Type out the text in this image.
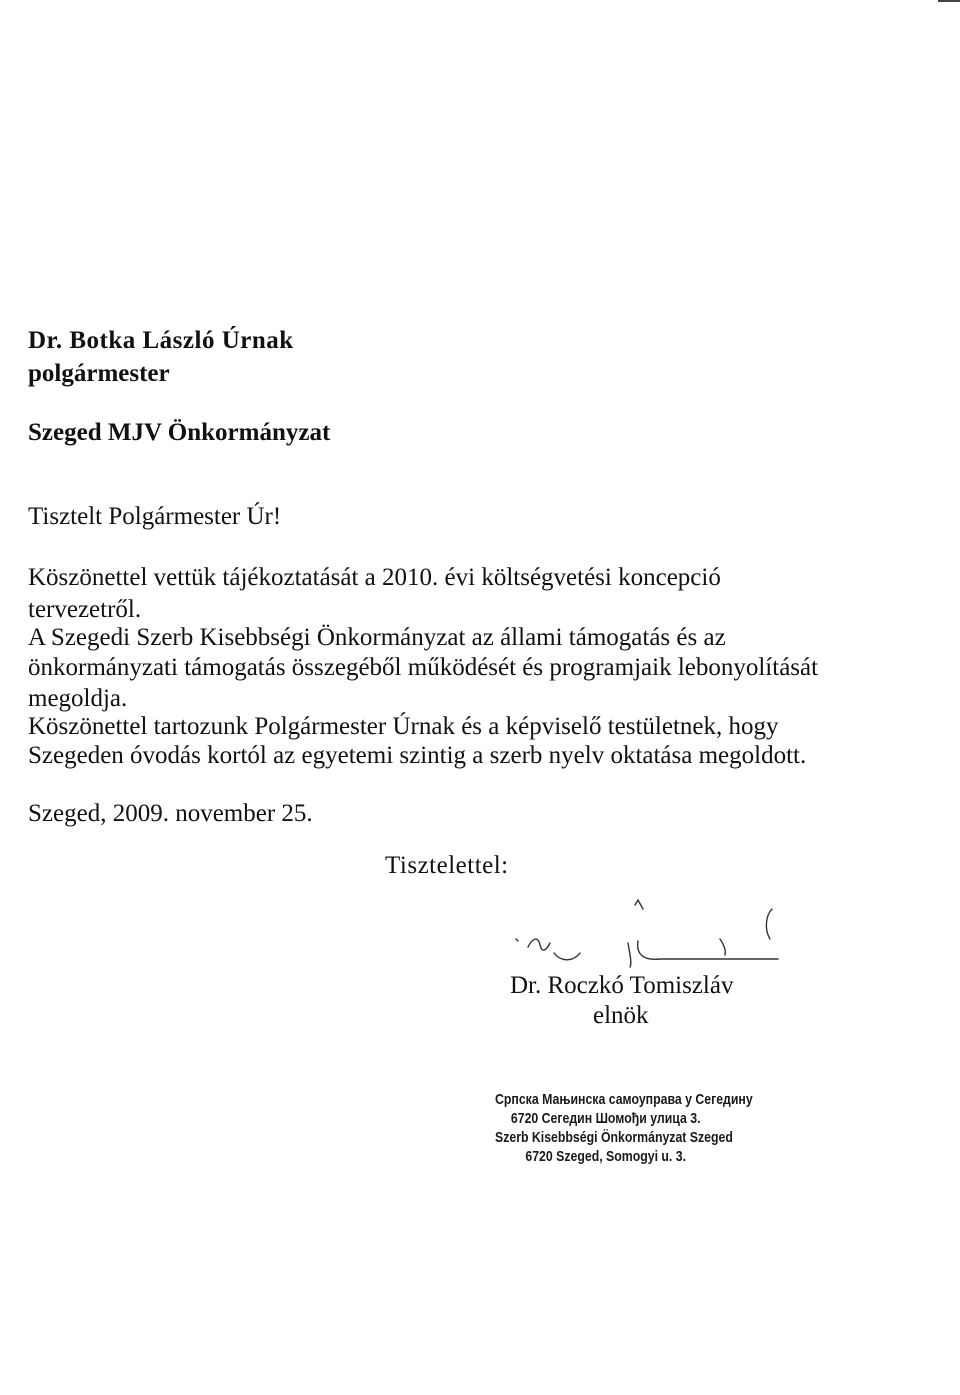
Dr. Botka László Úrnak
polgármester
Szeged MJV Önkormányzat
Tisztelt Polgármester Úr!
Köszönettel vettük tájékoztatását a 2010. évi költségvetési koncepció
tervezetről.
A Szegedi Szerb Kisebbségi Önkormányzat az állami támogatás és az
önkormányzati támogatás összegéből működését és programjaik lebonyolítását
megoldja.
Köszönettel tartozunk Polgármester Úrnak és a képviselő testületnek, hogy
Szegeden óvodás kortól az egyetemi szintig a szerb nyelv oktatása megoldott.
Szeged, 2009. november 25.
Tisztelettel:
Dr. Roczkó Tomiszláv
elnök
Српска Мањинска самоуправа у Сегедину
6720 Сегедин Шомођи улица 3.
Szerb Kisebbségi Önkormányzat Szeged
6720 Szeged, Somogyi u. 3.
